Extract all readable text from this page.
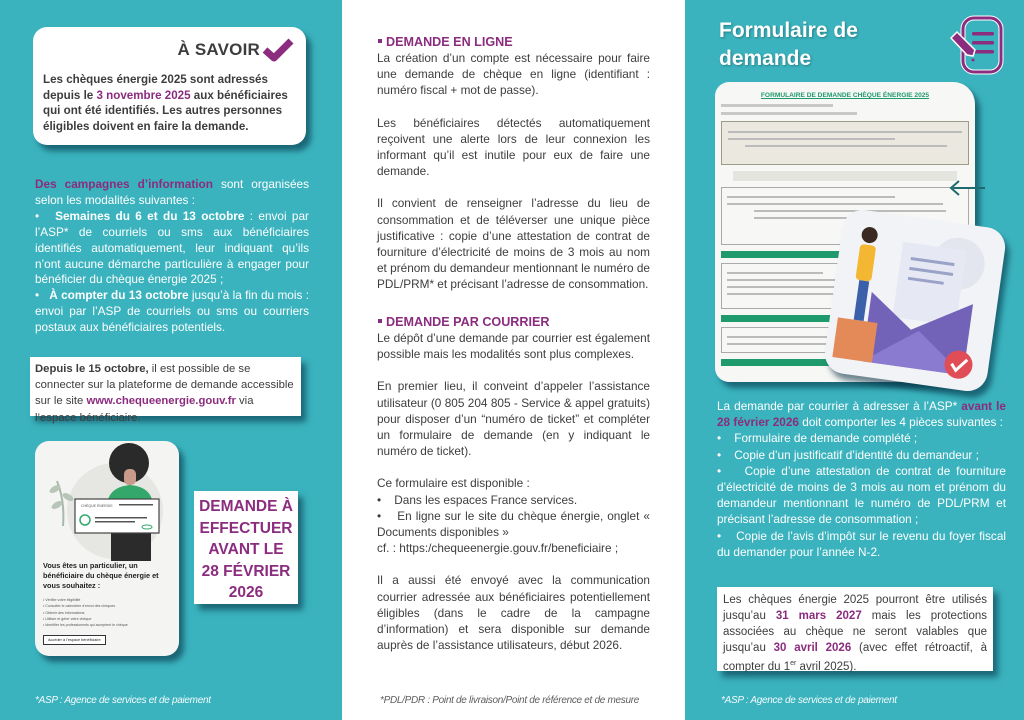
À SAVOIR
Les chèques énergie 2025 sont adressés depuis le 3 novembre 2025 aux bénéficiaires qui ont été identifiés. Les autres personnes éligibles doivent en faire la demande.
Des campagnes d’information sont organisées selon les modalités suivantes :
•   Semaines du 6 et du 13 octobre : envoi par l’ASP* de courriels ou sms aux bénéficiaires identifiés automatiquement, leur indiquant qu’ils n’ont aucune démarche particulière à engager pour bénéficier du chèque énergie 2025 ;
•   À compter du 13 octobre jusqu’à la fin du mois : envoi par l’ASP de courriels ou sms ou courriers postaux aux bénéficiaires potentiels.
Depuis le 15 octobre, il est possible de se connecter sur la plateforme de demande accessible sur le site www.chequeenergie.gouv.fr via l’espace bénéficiaire.
CHÈQUE ÉNERGIE
Vous êtes un particulier, un bénéficiaire du chèque énergie et vous souhaitez :
• Vérifier votre éligibilité
• Consulter le calendrier d’envoi des chèques
• Obtenir des informations
• Utiliser et gérer votre chèque
• Identifier les professionnels qui acceptent le chèque
Accéder à l’espace bénéficiaire
DEMANDE À
EFFECTUER
AVANT LE
28 FÉVRIER
2026
*ASP : Agence de services et de paiement
DEMANDE EN LIGNE

La création d’un compte est nécessaire pour faire une demande de chèque en ligne (identifiant : numéro fiscal + mot de passe).

Les bénéficiaires détectés automatiquement reçoivent une alerte lors de leur connexion les informant qu’il est inutile pour eux de faire une demande.

Il convient de renseigner l’adresse du lieu de consommation et de téléverser une unique pièce justificative : copie d’une attestation de contrat de fourniture d’électricité de moins de 3 mois au nom et prénom du demandeur mentionnant le numéro de PDL/PRM* et précisant l’adresse de consommation.

DEMANDE PAR COURRIER

Le dépôt d’une demande par courrier est également possible mais les modalités sont plus complexes.

En premier lieu, il conveint d’appeler l’assistance utilisateur (0 805 204 805 - Service & appel gratuits) pour disposer d’un “numéro de ticket” et compléter un formulaire de demande (en y indiquant le numéro de ticket).

Ce formulaire est disponible :
•    Dans les espaces France services.
•    En ligne sur le site du chèque énergie, onglet « Documents disponibles »

cf. : https:/chequeenergie.gouv.fr/beneficiaire ;

Il a aussi été envoyé avec la communication courrier adressée aux bénéficiaires potentiellement éligibles (dans le cadre de la campagne d’information) et sera disponible sur demande auprès de l’assistance utilisateurs, début 2026.

*PDL/PDR : Point de livraison/Point de référence et de mesure
Formulaire de
demande
FORMULAIRE DE DEMANDE CHÈQUE ÉNERGIE 2025
La demande par courrier à adresser à l’ASP* avant le 28 février 2026 doit comporter les 4 pièces suivantes :
•    Formulaire de demande complété ;
•    Copie d’un justificatif d’identité du demandeur ;
•    Copie d’une attestation de contrat de fourniture d’électricité de moins de 3 mois au nom et prénom du demandeur mentionnant le numéro de PDL/PRM et précisant l’adresse de consommation ;
•    Copie de l’avis d’impôt sur le revenu du foyer fiscal du demander pour l’année N-2.
Les chèques énergie 2025 pourront être utilisés jusqu’au 31 mars 2027 mais les protections associées au chèque ne seront valables que jusqu’au 30 avril 2026 (avec effet rétroactif, à compter du 1er avril 2025).
*ASP : Agence de services et de paiement
